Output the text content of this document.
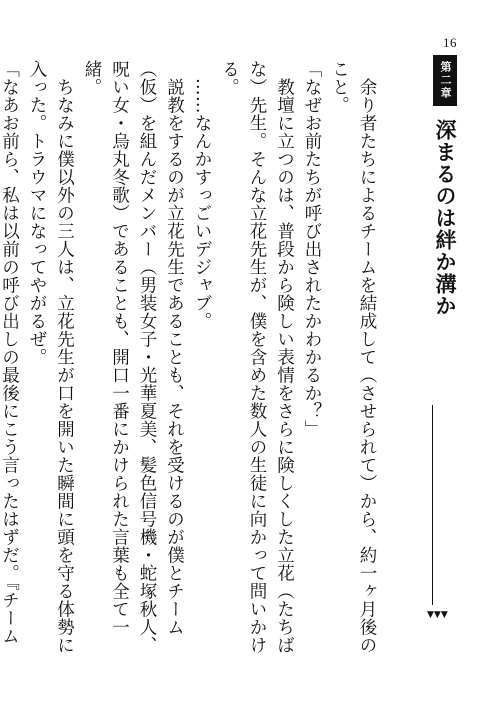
16
第二章 深まるのは絆か溝か
▼▼▼

　余り者たちによるチームを結成して（させられて）から、約一ヶ月後のこと。

「なぜお前たちが呼び出されたかわかるか？」

　教壇に立つのは、普段から険しい表情をさらに険しくした立花（たちばな）先生。そんな立花先生が、僕を含めた数人の生徒に向かって問いかける。

　……なんかすっごいデジャブ。

　説教をするのが立花先生であることも、それを受けるのが僕とチーム（仮）を組んだメンバー（男装女子・光華夏美、髪色信号機・蛇塚秋人、呪い女・烏丸冬歌）であることも、開口一番にかけられた言葉も全て一緒。

　ちなみに僕以外の三人は、立花先生が口を開いた瞬間に頭を守る体勢に入った。トラウマになってやがるぜ。

「なあお前ら、私は以前の呼び出しの最後にこう言ったはずだ。『チーム
